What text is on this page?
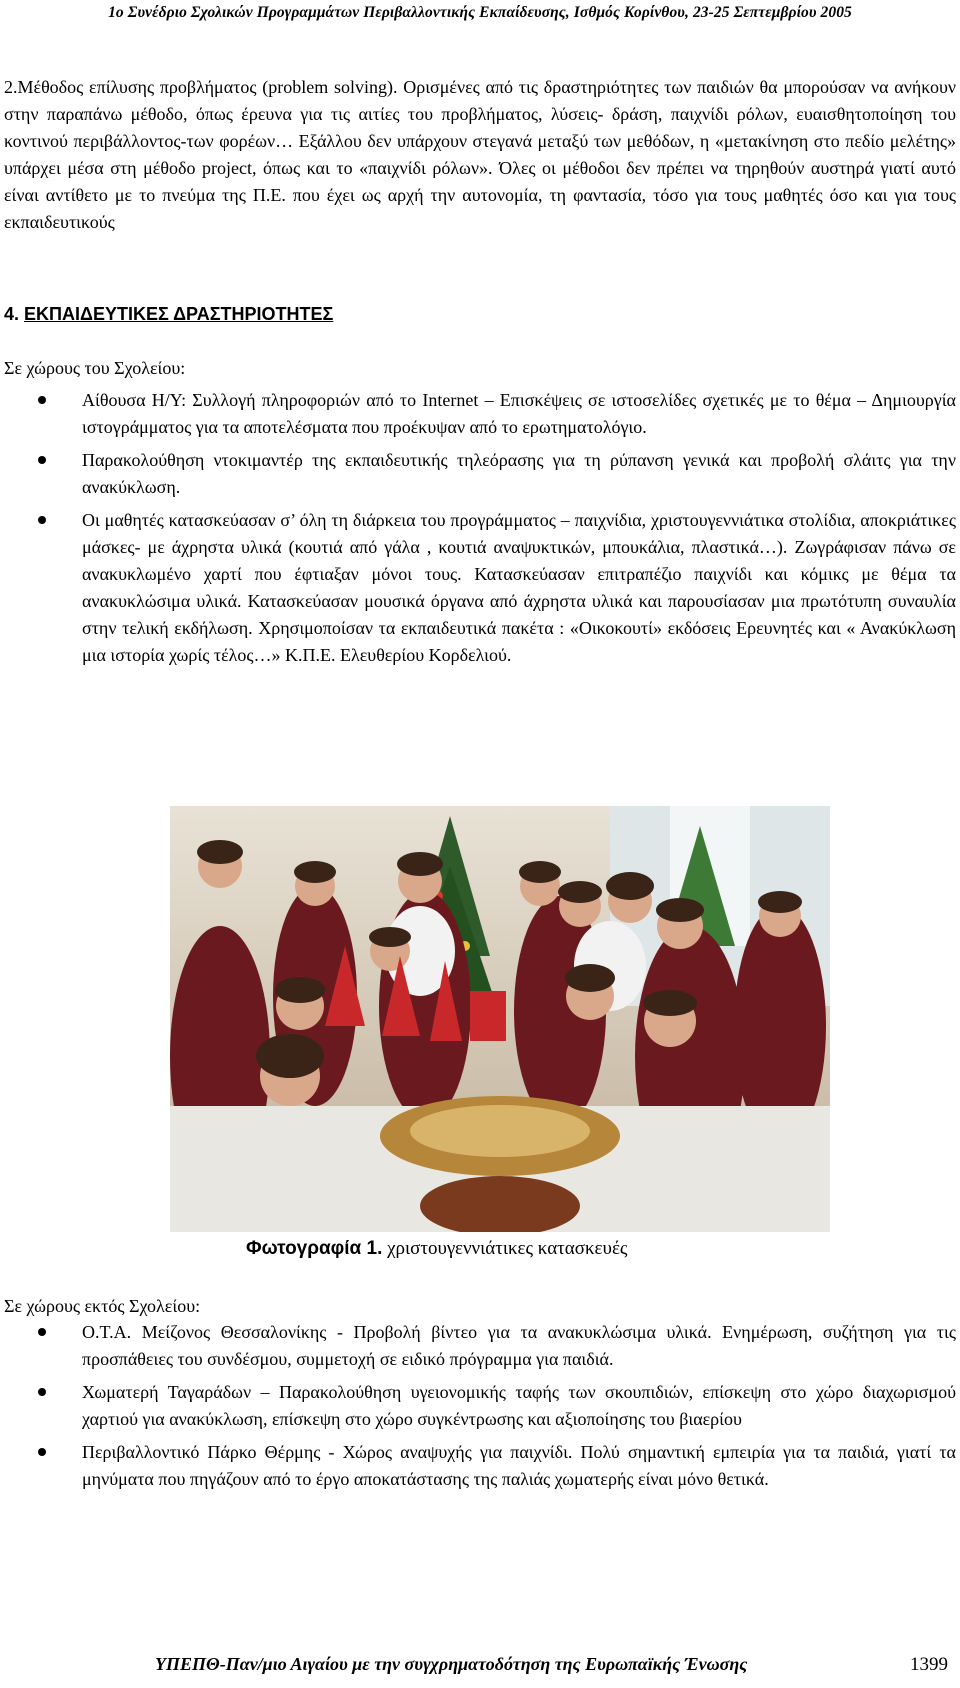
1ο Συνέδριο Σχολικών Προγραμμάτων Περιβαλλοντικής Εκπαίδευσης, Ισθμός Κορίνθου, 23-25 Σεπτεμβρίου 2005
2.Μέθοδος επίλυσης προβλήματος (problem solving). Ορισμένες από τις δραστηριότητες των παιδιών θα μπορούσαν να ανήκουν στην παραπάνω μέθοδο, όπως έρευνα για τις αιτίες του προβλήματος, λύσεις- δράση, παιχνίδι ρόλων, ευαισθητοποίηση του κοντινού περιβάλλοντος-των φορέων… Εξάλλου δεν υπάρχουν στεγανά μεταξύ των μεθόδων, η «μετακίνηση στο πεδίο μελέτης» υπάρχει μέσα στη μέθοδο project, όπως και το «παιχνίδι ρόλων». Όλες οι μέθοδοι δεν πρέπει να τηρηθούν αυστηρά γιατί αυτό είναι αντίθετο με το πνεύμα της Π.Ε. που έχει ως αρχή την αυτονομία, τη φαντασία, τόσο για τους μαθητές όσο και για τους εκπαιδευτικούς
4. ΕΚΠΑΙΔΕΥΤΙΚΕΣ ΔΡΑΣΤΗΡΙΟΤΗΤΕΣ
Σε χώρους του Σχολείου:
Αίθουσα Η/Υ: Συλλογή πληροφοριών από το Internet – Επισκέψεις σε ιστοσελίδες σχετικές με το θέμα – Δημιουργία ιστογράμματος για τα αποτελέσματα που προέκυψαν από το ερωτηματολόγιο.
Παρακολούθηση ντοκιμαντέρ της εκπαιδευτικής τηλεόρασης για τη ρύπανση γενικά και προβολή σλάιτς για την ανακύκλωση.
Οι μαθητές κατασκεύασαν σ’ όλη τη διάρκεια του προγράμματος – παιχνίδια, χριστουγεννιάτικα στολίδια, αποκριάτικες μάσκες- με άχρηστα υλικά (κουτιά από γάλα , κουτιά αναψυκτικών, μπουκάλια, πλαστικά…). Ζωγράφισαν πάνω σε ανακυκλωμένο χαρτί που έφτιαξαν μόνοι τους. Κατασκεύασαν επιτραπέζιο παιχνίδι και κόμικς με θέμα τα ανακυκλώσιμα υλικά. Κατασκεύασαν μουσικά όργανα από άχρηστα υλικά και παρουσίασαν μια πρωτότυπη συναυλία στην τελική εκδήλωση. Χρησιμοποίσαν τα εκπαιδευτικά πακέτα : «Οικοκουτί» εκδόσεις Ερευνητές και « Ανακύκλωση μια ιστορία χωρίς τέλος…» Κ.Π.Ε. Ελευθερίου Κορδελιού.
Φωτογραφία 1. χριστουγεννιάτικες κατασκευές
Σε χώρους εκτός Σχολείου:
Ο.Τ.Α. Μείζονος Θεσσαλονίκης - Προβολή βίντεο για τα ανακυκλώσιμα υλικά. Ενημέρωση, συζήτηση για τις προσπάθειες του συνδέσμου, συμμετοχή σε ειδικό πρόγραμμα για παιδιά.
Χωματερή Ταγαράδων – Παρακολούθηση υγειονομικής ταφής των σκουπιδιών, επίσκεψη στο χώρο διαχωρισμού χαρτιού για ανακύκλωση, επίσκεψη στο χώρο συγκέντρωσης και αξιοποίησης του βιαερίου
Περιβαλλοντικό Πάρκο Θέρμης - Χώρος αναψυχής για παιχνίδι. Πολύ σημαντική εμπειρία για τα παιδιά, γιατί τα μηνύματα που πηγάζουν από το έργο αποκατάστασης της παλιάς χωματερής είναι μόνο θετικά.
ΥΠΕΠΘ-Παν/μιο Αιγαίου με την συγχρηματοδότηση της Ευρωπαϊκής Ένωσης	1399
